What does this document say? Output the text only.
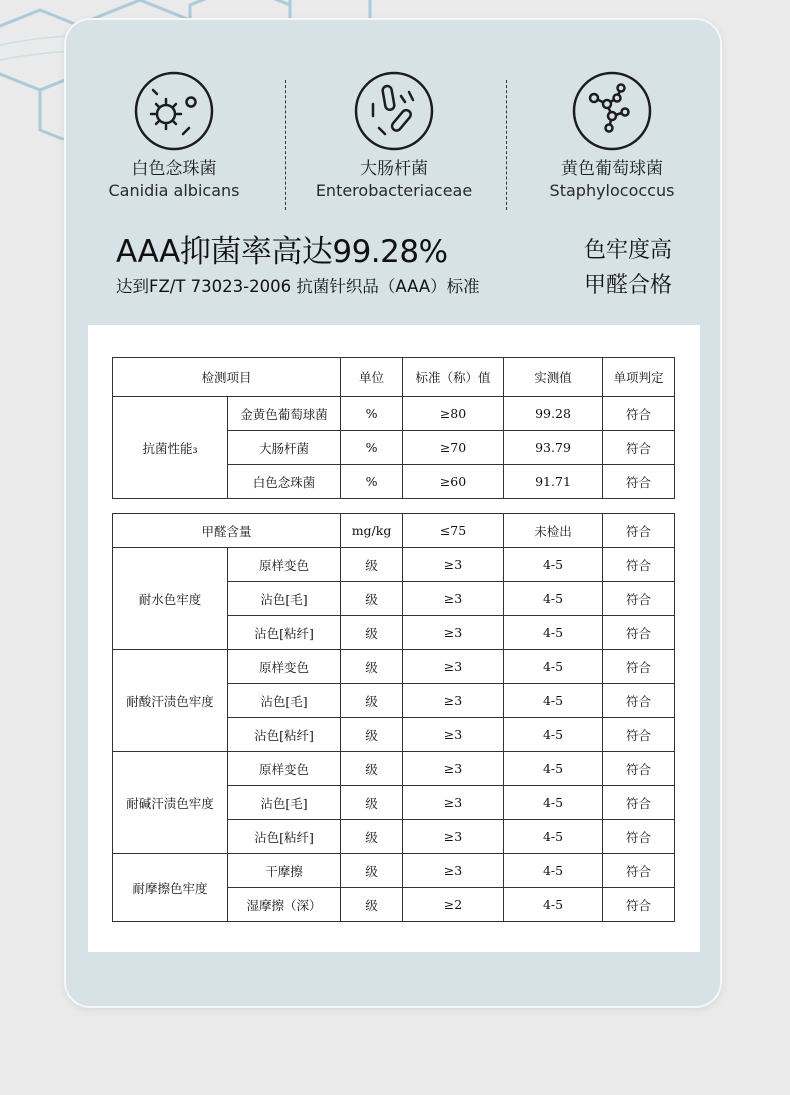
白色念珠菌
Canidia albicans
大肠杆菌
Enterobacteriaceae
黄色葡萄球菌
Staphylococcus
AAA抑菌率高达99.28%
达到FZ/T 73023-2006 抗菌针织品（AAA）标准
色牢度高
甲醛合格
检测项目		单位	标准（称）值	实测值	单项判定
抗菌性能₃	金黄色葡萄球菌	%	≥80	99.28	符合
	大肠杆菌	%	≥70	93.79	符合
	白色念珠菌	%	≥60	91.71	符合
甲醛含量		mg/kg	≤75	未检出	符合
耐水色牢度	原样变色	级	≥3	4-5	符合
	沾色[毛]	级	≥3	4-5	符合
	沾色[粘纤]	级	≥3	4-5	符合
耐酸汗渍色牢度	原样变色	级	≥3	4-5	符合
	沾色[毛]	级	≥3	4-5	符合
	沾色[粘纤]	级	≥3	4-5	符合
耐碱汗渍色牢度	原样变色	级	≥3	4-5	符合
	沾色[毛]	级	≥3	4-5	符合
	沾色[粘纤]	级	≥3	4-5	符合
耐摩擦色牢度	干摩擦	级	≥3	4-5	符合
	湿摩擦（深）	级	≥2	4-5	符合
